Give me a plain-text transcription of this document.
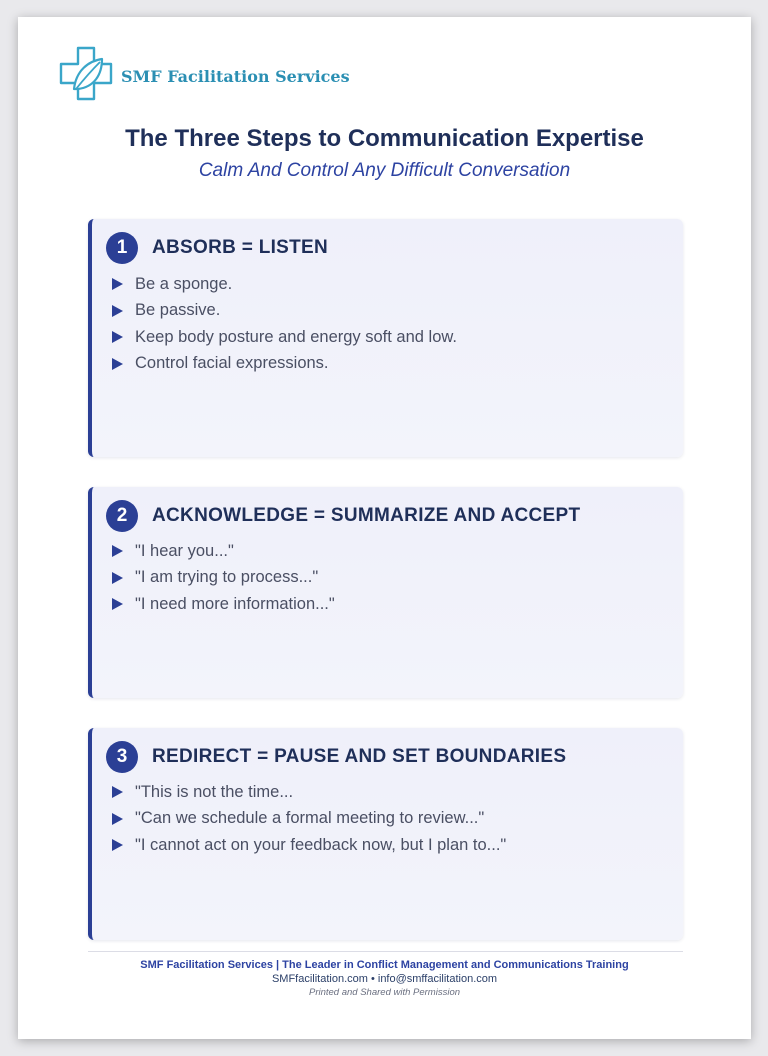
SMF Facilitation Services
The Three Steps to Communication Expertise
Calm And Control Any Difficult Conversation
1	ABSORB = LISTEN
Be a sponge.
Be passive.
Keep body posture and energy soft and low.
Control facial expressions.
2	ACKNOWLEDGE = SUMMARIZE AND ACCEPT
"I hear you..."
"I am trying to process..."
"I need more information..."
3	REDIRECT = PAUSE AND SET BOUNDARIES
"This is not the time...
"Can we schedule a formal meeting to review..."
"I cannot act on your feedback now, but I plan to..."
SMF Facilitation Services | The Leader in Conflict Management and Communications Training
SMFfacilitation.com • info@smffacilitation.com
Printed and Shared with Permission
